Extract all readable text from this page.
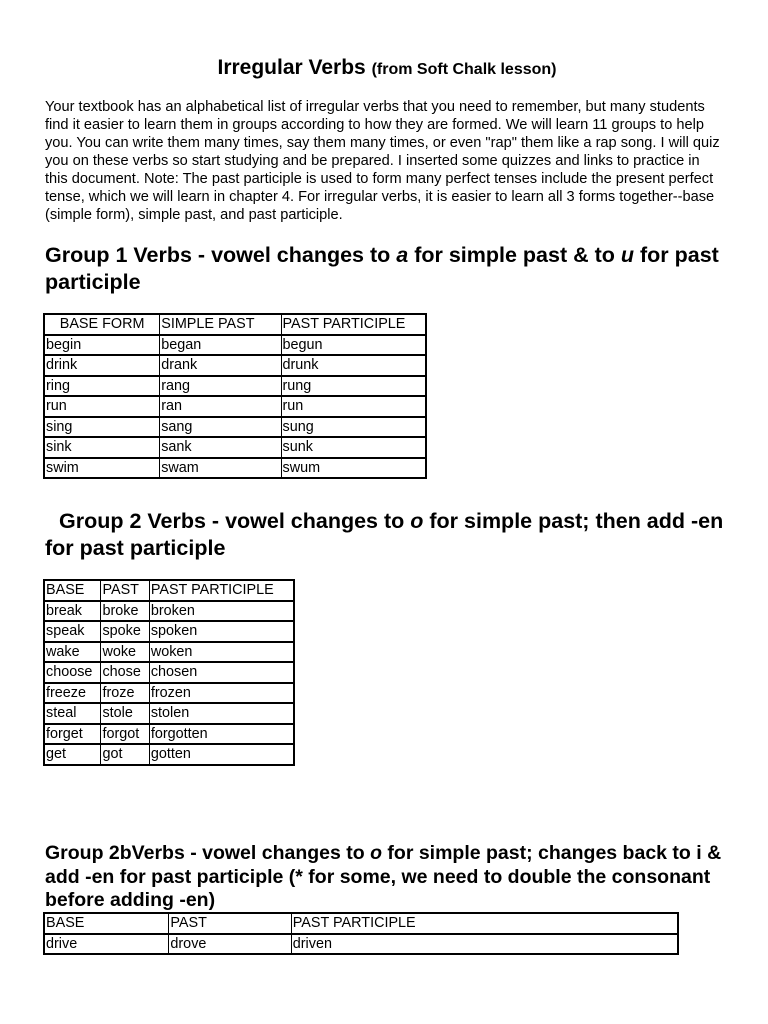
Irregular Verbs (from Soft Chalk lesson)
Your textbook has an alphabetical list of irregular verbs that you need to remember, but many students find it easier to learn them in groups according to how they are formed. We will learn 11 groups to help you. You can write them many times, say them many times, or even "rap" them like a rap song. I will quiz you on these verbs so start studying and be prepared. I inserted some quizzes and links to practice in this document. Note: The past participle is used to form many perfect tenses include the present perfect tense, which we will learn in chapter 4. For irregular verbs, it is easier to learn all 3 forms together--base (simple form), simple past, and past participle.
Group 1 Verbs - vowel changes to a for simple past & to u for past participle
BASE FORM	SIMPLE PAST	PAST PARTICIPLE
begin	began	begun
drink	drank	drunk
ring	rang	rung
run	ran	run
sing	sang	sung
sink	sank	sunk
swim	swam	swum
Group 2 Verbs - vowel changes to o for simple past; then add -en for past participle
BASE	PAST	PAST PARTICIPLE
break	broke	broken
speak	spoke	spoken
wake	woke	woken
choose	chose	chosen
freeze	froze	frozen
steal	stole	stolen
forget	forgot	forgotten
get	got	gotten
Group 2bVerbs - vowel changes to o for simple past; changes back to i & add -en for past participle (* for some, we need to double the consonant before adding -en)
BASE	PAST	PAST PARTICIPLE
drive	drove	driven
